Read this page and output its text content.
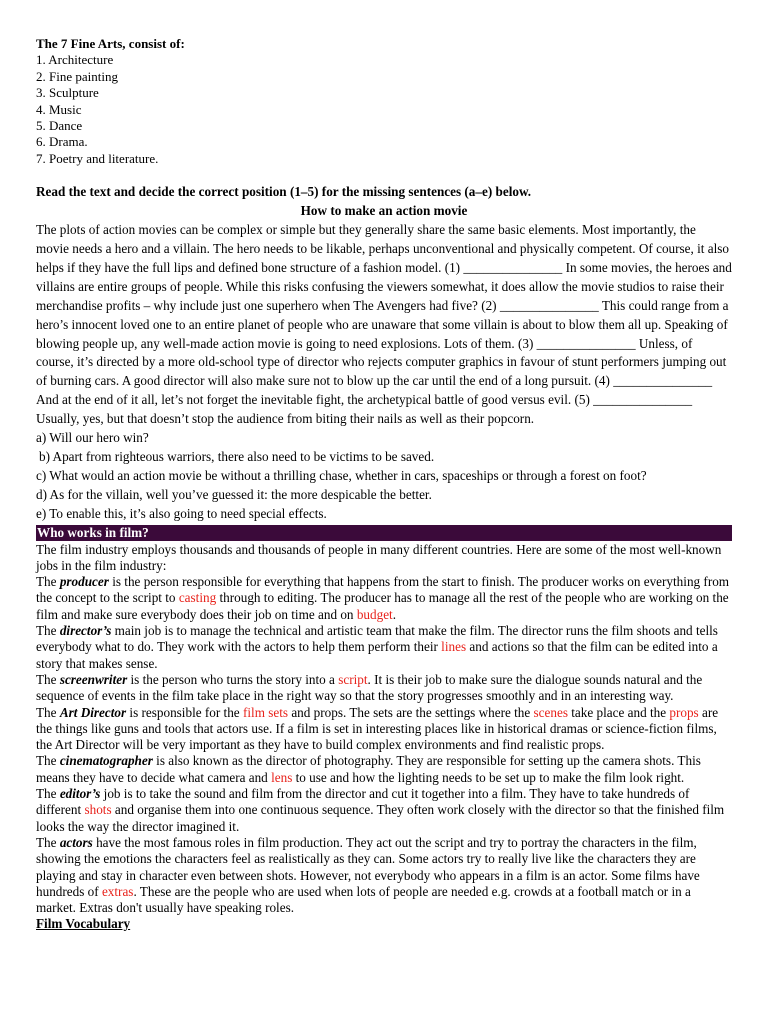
The 7 Fine Arts, consist of:

1. Architecture

2. Fine painting

3. Sculpture

4. Music

5. Dance

6. Drama.

7. Poetry and literature.

Read the text and decide the correct position (1–5) for the missing sentences (a–e) below.

How to make an action movie

The plots of action movies can be complex or simple but they generally share the same basic elements. Most importantly, the movie needs a hero and a villain. The hero needs to be likable, perhaps unconventional and physically competent. Of course, it also helps if they have the full lips and defined bone structure of a fashion model. (1) _______________ In some movies, the heroes and villains are entire groups of people. While this risks confusing the viewers somewhat, it does allow the movie studios to raise their merchandise profits – why include just one superhero when The Avengers had five? (2) _______________ This could range from a hero’s innocent loved one to an entire planet of people who are unaware that some villain is about to blow them all up. Speaking of blowing people up, any well-made action movie is going to need explosions. Lots of them. (3) _______________ Unless, of course, it’s directed by a more old-school type of director who rejects computer graphics in favour of stunt performers jumping out of burning cars. A good director will also make sure not to blow up the car until the end of a long pursuit. (4) _______________ And at the end of it all, let’s not forget the inevitable fight, the archetypical battle of good versus evil. (5) _______________ Usually, yes, but that doesn’t stop the audience from biting their nails as well as their popcorn.

a) Will our hero win?

b) Apart from righteous warriors, there also need to be victims to be saved.

c) What would an action movie be without a thrilling chase, whether in cars, spaceships or through a forest on foot?

d) As for the villain, well you’ve guessed it: the more despicable the better.

e) To enable this, it’s also going to need special effects.

Who works in film?

The film industry employs thousands and thousands of people in many different countries. Here are some of the most well-known jobs in the film industry:

The producer is the person responsible for everything that happens from the start to finish. The producer works on everything from the concept to the script to casting through to editing. The producer has to manage all the rest of the people who are working on the film and make sure everybody does their job on time and on budget.

The director’s main job is to manage the technical and artistic team that make the film. The director runs the film shoots and tells everybody what to do. They work with the actors to help them perform their lines and actions so that the film can be edited into a story that makes sense.

The screenwriter is the person who turns the story into a script. It is their job to make sure the dialogue sounds natural and the sequence of events in the film take place in the right way so that the story progresses smoothly and in an interesting way.

The Art Director is responsible for the film sets and props. The sets are the settings where the scenes take place and the props are the things like guns and tools that actors use. If a film is set in interesting places like in historical dramas or science-fiction films, the Art Director will be very important as they have to build complex environments and find realistic props.

The cinematographer is also known as the director of photography. They are responsible for setting up the camera shots. This means they have to decide what camera and lens to use and how the lighting needs to be set up to make the film look right.

The editor’s job is to take the sound and film from the director and cut it together into a film. They have to take hundreds of different shots and organise them into one continuous sequence. They often work closely with the director so that the finished film looks the way the director imagined it.

The actors have the most famous roles in film production. They act out the script and try to portray the characters in the film, showing the emotions the characters feel as realistically as they can. Some actors try to really live like the characters they are playing and stay in character even between shots. However, not everybody who appears in a film is an actor. Some films have hundreds of extras. These are the people who are used when lots of people are needed e.g. crowds at a football match or in a market. Extras don't usually have speaking roles.

Film Vocabulary
